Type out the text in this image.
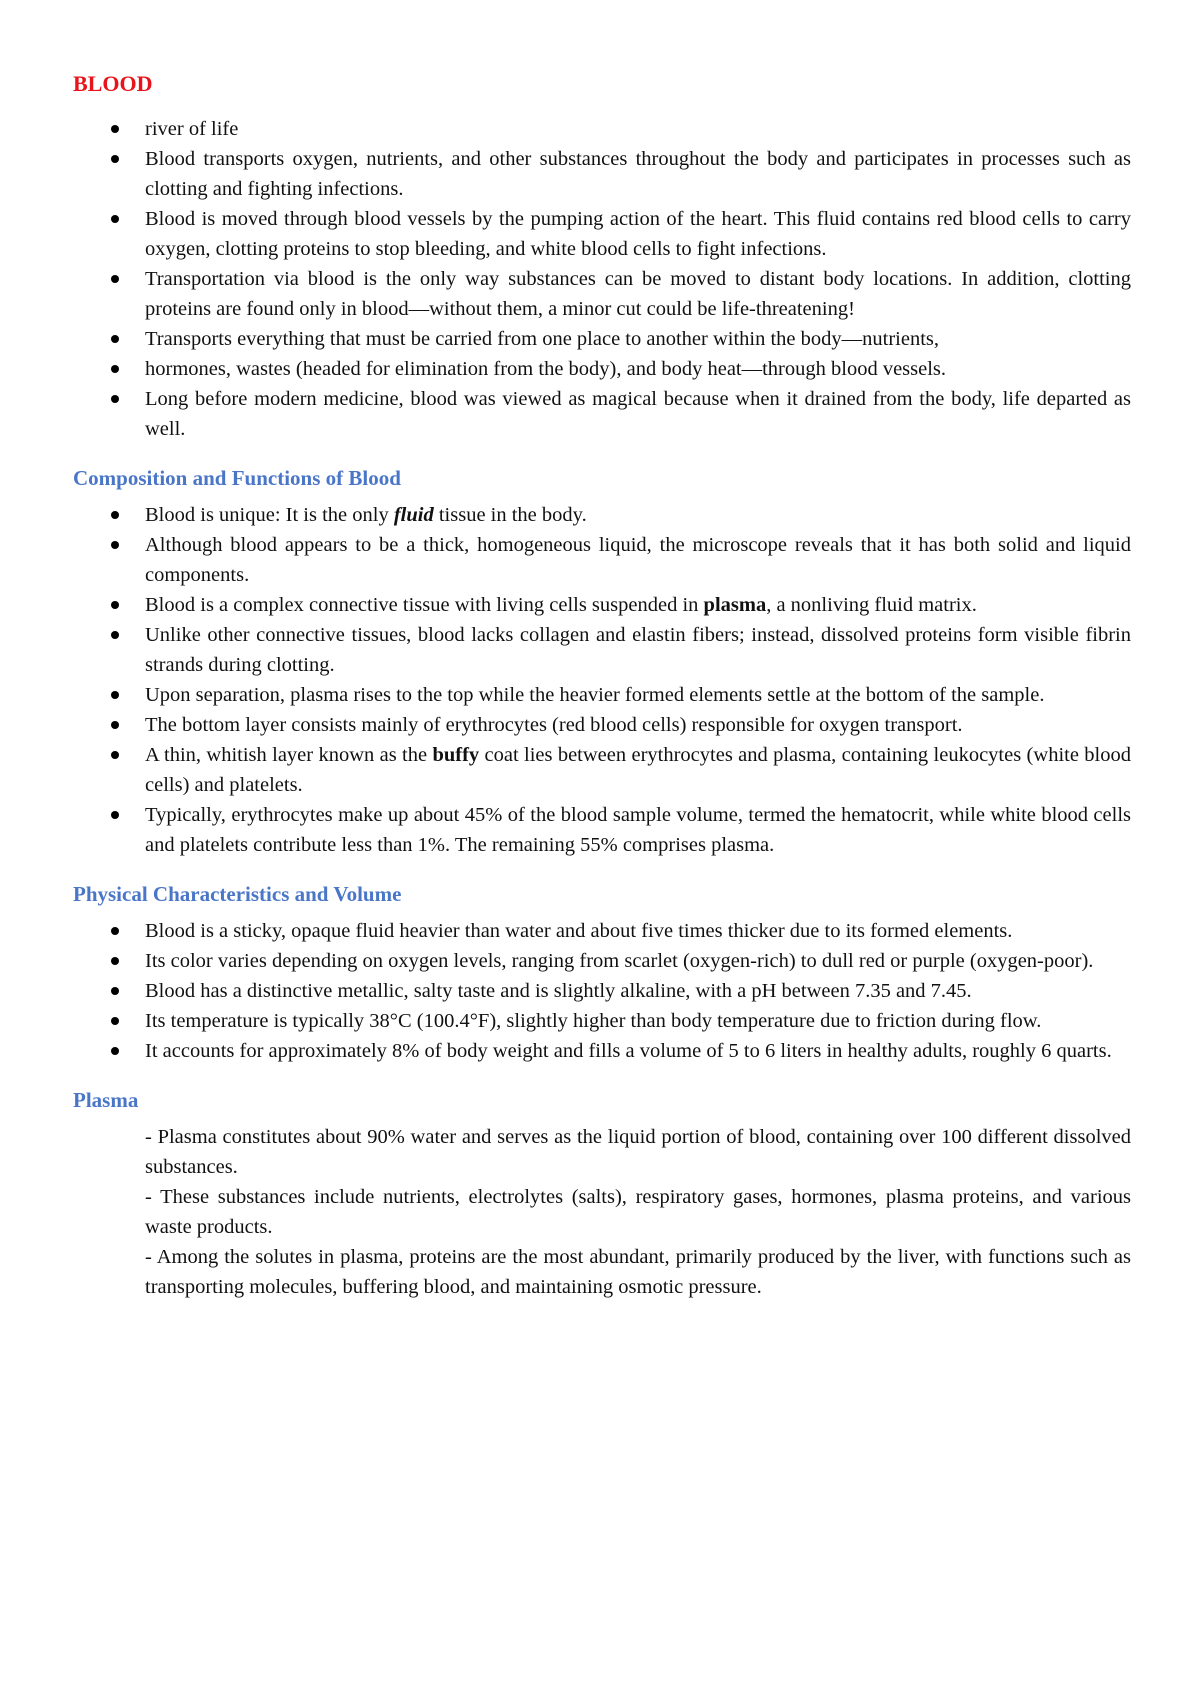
BLOOD
river of life
Blood transports oxygen, nutrients, and other substances throughout the body and participates in processes such as clotting and fighting infections.
Blood is moved through blood vessels by the pumping action of the heart. This fluid contains red blood cells to carry oxygen, clotting proteins to stop bleeding, and white blood cells to fight infections.
Transportation via blood is the only way substances can be moved to distant body locations. In addition, clotting proteins are found only in blood—without them, a minor cut could be life-threatening!
Transports everything that must be carried from one place to another within the body—nutrients,
hormones, wastes (headed for elimination from the body), and body heat—through blood vessels.
Long before modern medicine, blood was viewed as magical because when it drained from the body, life departed as well.
Composition and Functions of Blood
Blood is unique: It is the only fluid tissue in the body.
Although blood appears to be a thick, homogeneous liquid, the microscope reveals that it has both solid and liquid components.
Blood is a complex connective tissue with living cells suspended in plasma, a nonliving fluid matrix.
Unlike other connective tissues, blood lacks collagen and elastin fibers; instead, dissolved proteins form visible fibrin strands during clotting.
Upon separation, plasma rises to the top while the heavier formed elements settle at the bottom of the sample.
The bottom layer consists mainly of erythrocytes (red blood cells) responsible for oxygen transport.
A thin, whitish layer known as the buffy coat lies between erythrocytes and plasma, containing leukocytes (white blood cells) and platelets.
Typically, erythrocytes make up about 45% of the blood sample volume, termed the hematocrit, while white blood cells and platelets contribute less than 1%. The remaining 55% comprises plasma.
Physical Characteristics and Volume
Blood is a sticky, opaque fluid heavier than water and about five times thicker due to its formed elements.
Its color varies depending on oxygen levels, ranging from scarlet (oxygen-rich) to dull red or purple (oxygen-poor).
Blood has a distinctive metallic, salty taste and is slightly alkaline, with a pH between 7.35 and 7.45.
Its temperature is typically 38°C (100.4°F), slightly higher than body temperature due to friction during flow.
It accounts for approximately 8% of body weight and fills a volume of 5 to 6 liters in healthy adults, roughly 6 quarts.
Plasma

- Plasma constitutes about 90% water and serves as the liquid portion of blood, containing over 100 different dissolved substances.

- These substances include nutrients, electrolytes (salts), respiratory gases, hormones, plasma proteins, and various waste products.

- Among the solutes in plasma, proteins are the most abundant, primarily produced by the liver, with functions such as transporting molecules, buffering blood, and maintaining osmotic pressure.
